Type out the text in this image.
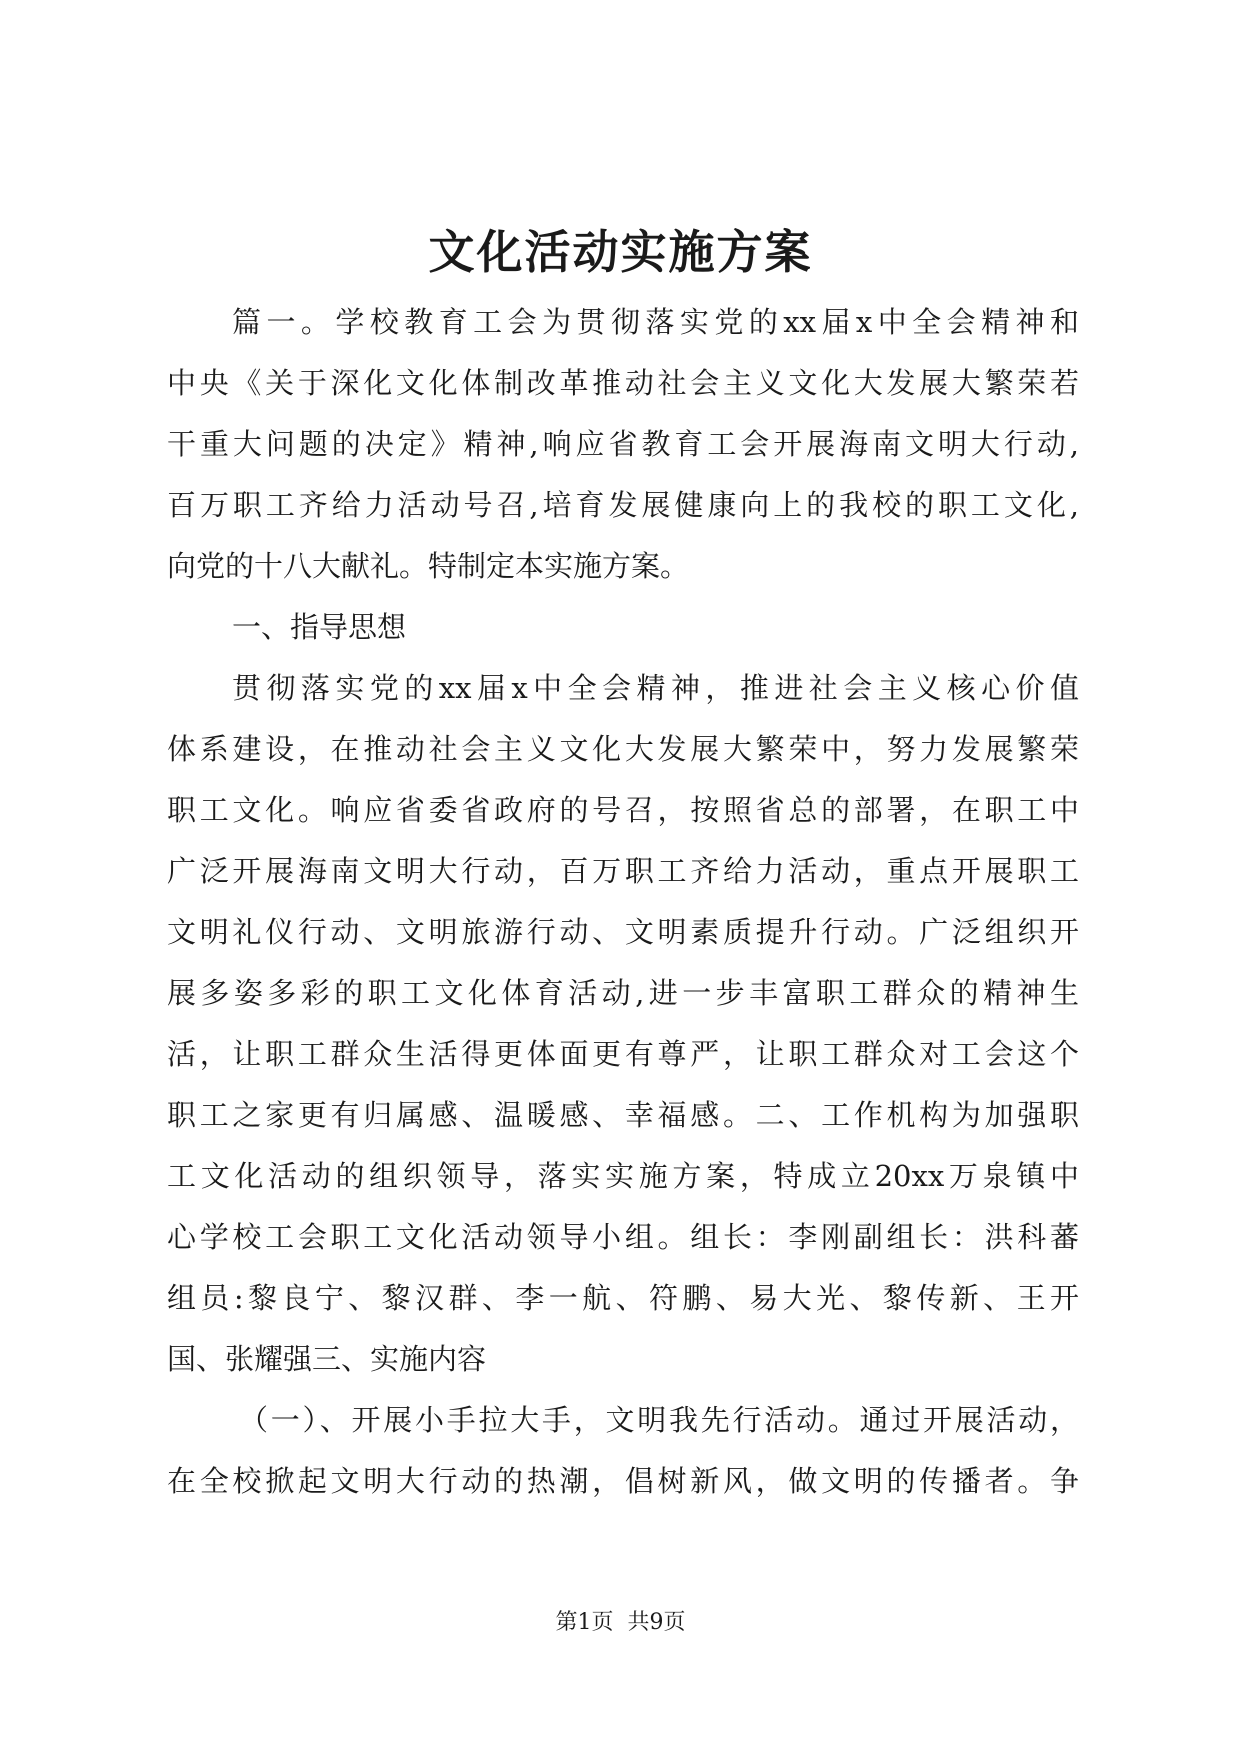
文化活动实施方案
篇一。学校教育工会为贯彻落实党的xx届x中全会精神和
中央《关于深化文化体制改革推动社会主义文化大发展大繁荣若
干重大问题的决定》精神,响应省教育工会开展海南文明大行动,
百万职工齐给力活动号召,培育发展健康向上的我校的职工文化,
向党的十八大献礼。特制定本实施方案。
一、指导思想
贯彻落实党的xx届x中全会精神，推进社会主义核心价值
体系建设，在推动社会主义文化大发展大繁荣中，努力发展繁荣
职工文化。响应省委省政府的号召，按照省总的部署，在职工中
广泛开展海南文明大行动，百万职工齐给力活动，重点开展职工
文明礼仪行动、文明旅游行动、文明素质提升行动。广泛组织开
展多姿多彩的职工文化体育活动,进一步丰富职工群众的精神生
活，让职工群众生活得更体面更有尊严，让职工群众对工会这个
职工之家更有归属感、温暖感、幸福感。二、工作机构为加强职
工文化活动的组织领导，落实实施方案，特成立20xx万泉镇中
心学校工会职工文化活动领导小组。组长：李刚副组长：洪科蕃
组员:黎良宁、黎汉群、李一航、符鹏、易大光、黎传新、王开
国、张耀强三、实施内容
（一）、开展小手拉大手，文明我先行活动。通过开展活动，
在全校掀起文明大行动的热潮，倡树新风，做文明的传播者。争
第1页  共9页
